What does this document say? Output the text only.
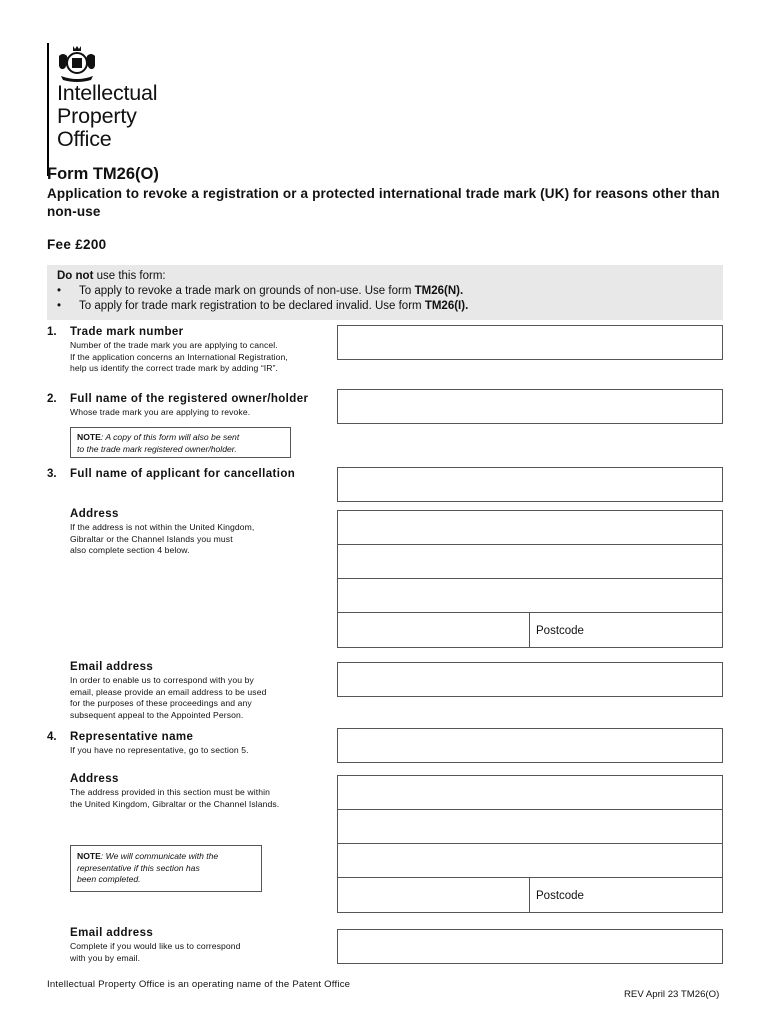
Intellectual
Property
Office
Form TM26(O)
Application to revoke a registration or a protected international trade mark (UK) for reasons other than non-use
Fee £200
Do not use this form:
•	To apply to revoke a trade mark on grounds of non-use. Use form TM26(N).
•	To apply for trade mark registration to be declared invalid. Use form TM26(I).
1. Trade mark number
Number of the trade mark you are applying to cancel.
If the application concerns an International Registration,
help us identify the correct trade mark by adding “IR”.
2. Full name of the registered owner/holder
Whose trade mark you are applying to revoke.
NOTE: A copy of this form will also be sent
to the trade mark registered owner/holder.
3. Full name of applicant for cancellation
Address
If the address is not within the United Kingdom,
Gibraltar or the Channel Islands you must
also complete section 4 below.
Postcode
Email address
In order to enable us to correspond with you by
email, please provide an email address to be used
for the purposes of these proceedings and any
subsequent appeal to the Appointed Person.
4. Representative name
If you have no representative, go to section 5.
Address
The address provided in this section must be within
the United Kingdom, Gibraltar or the Channel Islands.
Postcode
NOTE: We will communicate with the
representative if this section has
been completed.
Email address
Complete if you would like us to correspond
with you by email.
Intellectual Property Office is an operating name of the Patent Office
REV April 23 TM26(O)
